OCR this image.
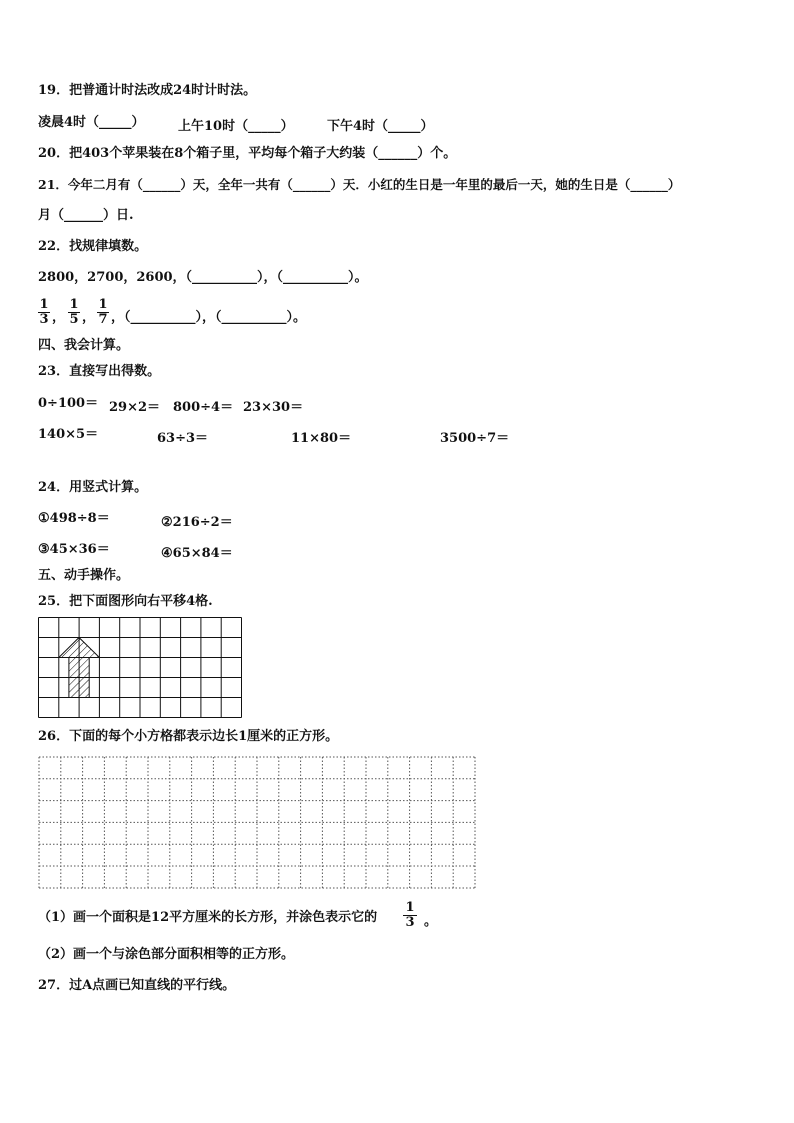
19．把普通计时法改成24时计时法。
凌晨4时（_____）	上午10时（_____）	下午4时（_____）
20．把403个苹果装在8个箱子里，平均每个箱子大约装（______）个。
21．今年二月有（______）天，全年一共有（______）天．小红的生日是一年里的最后一天，她的生日是（______）
月（______）日.
22．找规律填数。
2800，2700，2600，（__________），（__________）。
1
3 ，
1
5 ，
1
7 ，（__________），（__________）。
四、我会计算。
23．直接写出得数。
0÷100＝ 29×2＝ 800÷4＝ 23×30＝
140×5＝	63÷3＝	11×80＝	3500÷7＝
24．用竖式计算。
①498÷8＝	②216÷2＝
③45×36＝	④65×84＝
五、动手操作。
25．把下面图形向右平移4格.
26．下面的每个小方格都表示边长1厘米的正方形。
（1）画一个面积是12平方厘米的长方形，并涂色表示它的
1
3 。
（2）画一个与涂色部分面积相等的正方形。
27．过A点画已知直线的平行线。
